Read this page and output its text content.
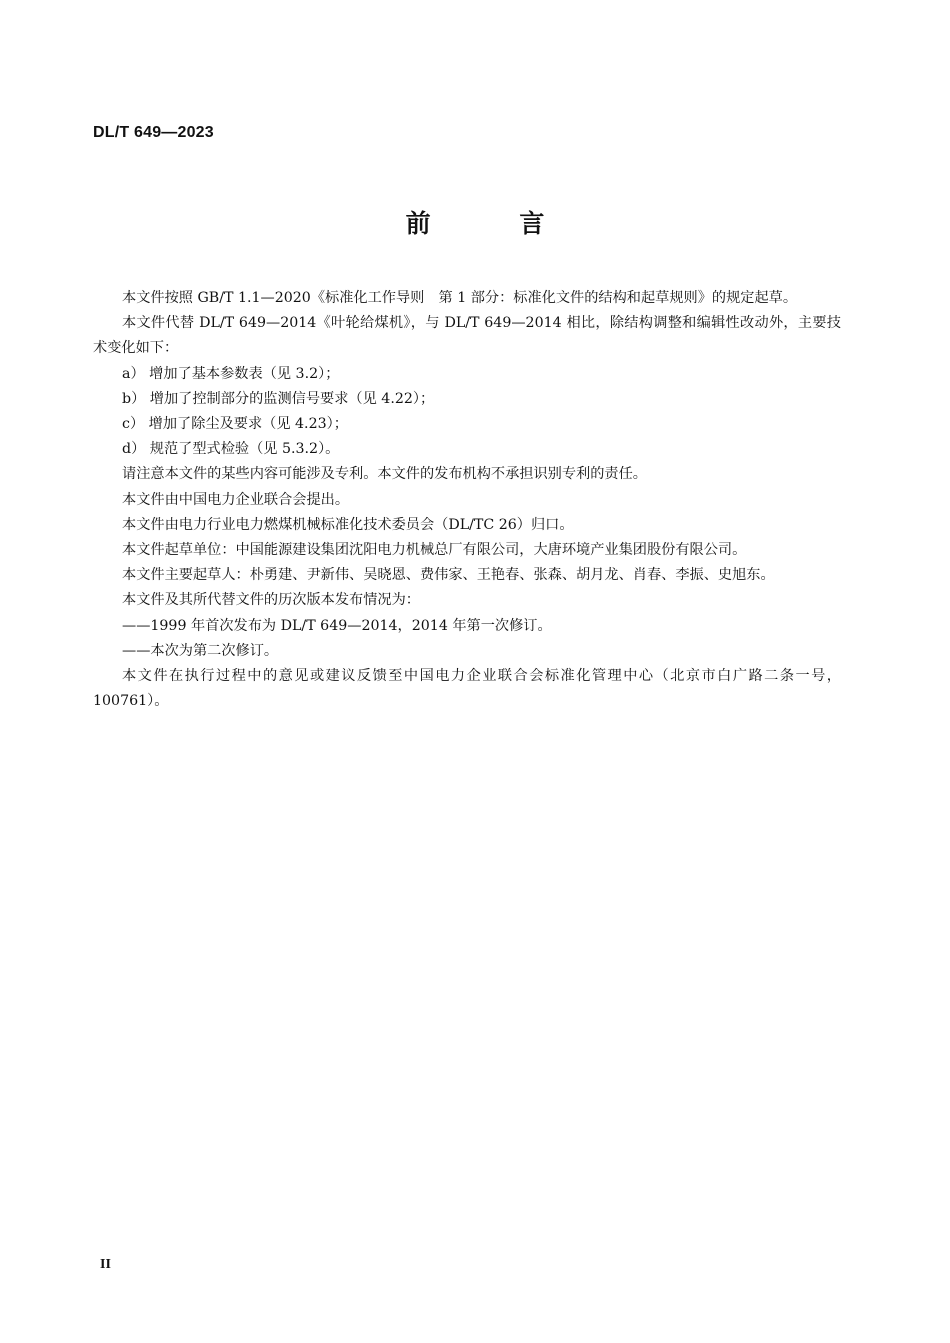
DL/T 649—2023
前 言

本文件按照 GB/T 1.1—2020《标准化工作导则　第 1 部分：标准化文件的结构和起草规则》的规定起草。

本文件代替 DL/T 649—2014《叶轮给煤机》，与 DL/T 649—2014 相比，除结构调整和编辑性改动外，主要技术变化如下：

a） 增加了基本参数表（见 3.2）；

b） 增加了控制部分的监测信号要求（见 4.22）；

c） 增加了除尘及要求（见 4.23）；

d） 规范了型式检验（见 5.3.2）。

请注意本文件的某些内容可能涉及专利。本文件的发布机构不承担识别专利的责任。

本文件由中国电力企业联合会提出。

本文件由电力行业电力燃煤机械标准化技术委员会（DL/TC 26）归口。

本文件起草单位：中国能源建设集团沈阳电力机械总厂有限公司，大唐环境产业集团股份有限公司。

本文件主要起草人：朴勇建、尹新伟、吴晓恩、费伟家、王艳春、张森、胡月龙、肖春、李振、史旭东。

本文件及其所代替文件的历次版本发布情况为：

——1999 年首次发布为 DL/T 649—2014，2014 年第一次修订。

——本次为第二次修订。

本文件在执行过程中的意见或建议反馈至中国电力企业联合会标准化管理中心（北京市白广路二条一号，100761）。

II
